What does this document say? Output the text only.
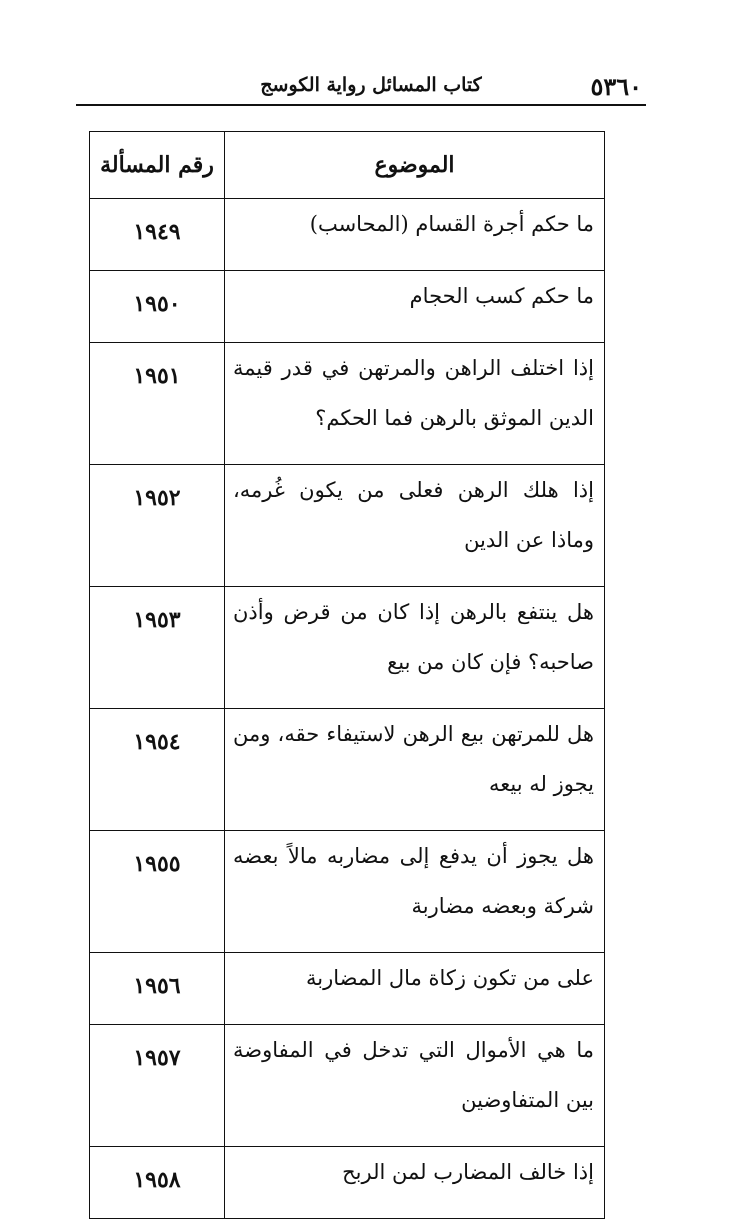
٥٣٦٠
كتاب المسائل رواية الكوسج
الموضوع	رقم المسألة
ما حكم أجرة القسام (المحاسب)	١٩٤٩
ما حكم كسب الحجام	١٩٥٠
إذا اختلف الراهن والمرتهن في قدر قيمة الدين الموثق بالرهن فما الحكم؟	١٩٥١
إذا هلك الرهن فعلى من يكون غُرمه، وماذا عن الدين	١٩٥٢
هل ينتفع بالرهن إذا كان من قرض وأذن صاحبه؟ فإن كان من بيع	١٩٥٣
هل للمرتهن بيع الرهن لاستيفاء حقه، ومن يجوز له بيعه	١٩٥٤
هل يجوز أن يدفع إلى مضاربه مالاً بعضه شركة وبعضه مضاربة	١٩٥٥
على من تكون زكاة مال المضاربة	١٩٥٦
ما هي الأموال التي تدخل في المفاوضة بين المتفاوضين	١٩٥٧
إذا خالف المضارب لمن الربح	١٩٥٨
